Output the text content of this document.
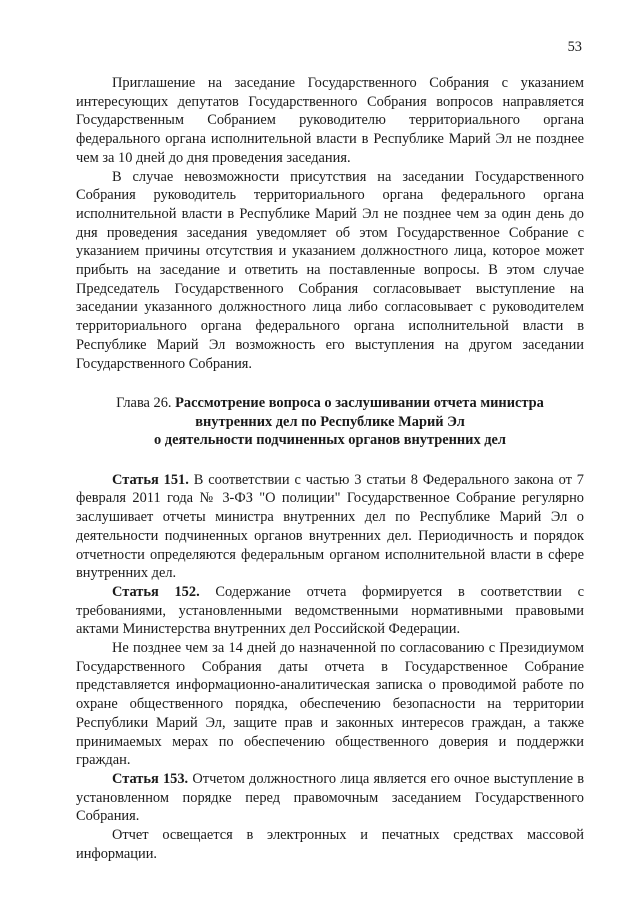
53

Приглашение на заседание Государственного Собрания с указанием интересующих депутатов Государственного Собрания вопросов направляется Государственным Собранием руководителю территориального органа федерального органа исполнительной власти в Республике Марий Эл не позднее чем за 10 дней до дня проведения заседания.

В случае невозможности присутствия на заседании Государственного Собрания руководитель территориального органа федерального органа исполнительной власти в Республике Марий Эл не позднее чем за один день до дня проведения заседания уведомляет об этом Государственное Собрание с указанием причины отсутствия и указанием должностного лица, которое может прибыть на заседание и ответить на поставленные вопросы. В этом случае Председатель Государственного Собрания согласовывает выступление на заседании указанного должностного лица либо согласовывает с руководителем территориального органа федерального органа исполнительной власти в Республике Марий Эл возможность его выступления на другом заседании Государственного Собрания.

Глава 26. Рассмотрение вопроса о заслушивании отчета министра
внутренних дел по Республике Марий Эл
о деятельности подчиненных органов внутренних дел

Статья 151. В соответствии с частью 3 статьи 8 Федерального закона от 7 февраля 2011 года № 3-ФЗ "О полиции" Государственное Собрание регулярно заслушивает отчеты министра внутренних дел по Республике Марий Эл о деятельности подчиненных органов внутренних дел. Периодичность и порядок отчетности определяются федеральным органом исполнительной власти в сфере внутренних дел.

Статья 152. Содержание отчета формируется в соответствии с требованиями, установленными ведомственными нормативными правовыми актами Министерства внутренних дел Российской Федерации.

Не позднее чем за 14 дней до назначенной по согласованию с Президиумом Государственного Собрания даты отчета в Государственное Собрание представляется информационно-аналитическая записка о проводимой работе по охране общественного порядка, обеспечению безопасности на территории Республики Марий Эл, защите прав и законных интересов граждан, а также принимаемых мерах по обеспечению общественного доверия и поддержки граждан.

Статья 153. Отчетом должностного лица является его очное выступление в установленном порядке перед правомочным заседанием Государственного Собрания.

Отчет освещается в электронных и печатных средствах массовой информации.
